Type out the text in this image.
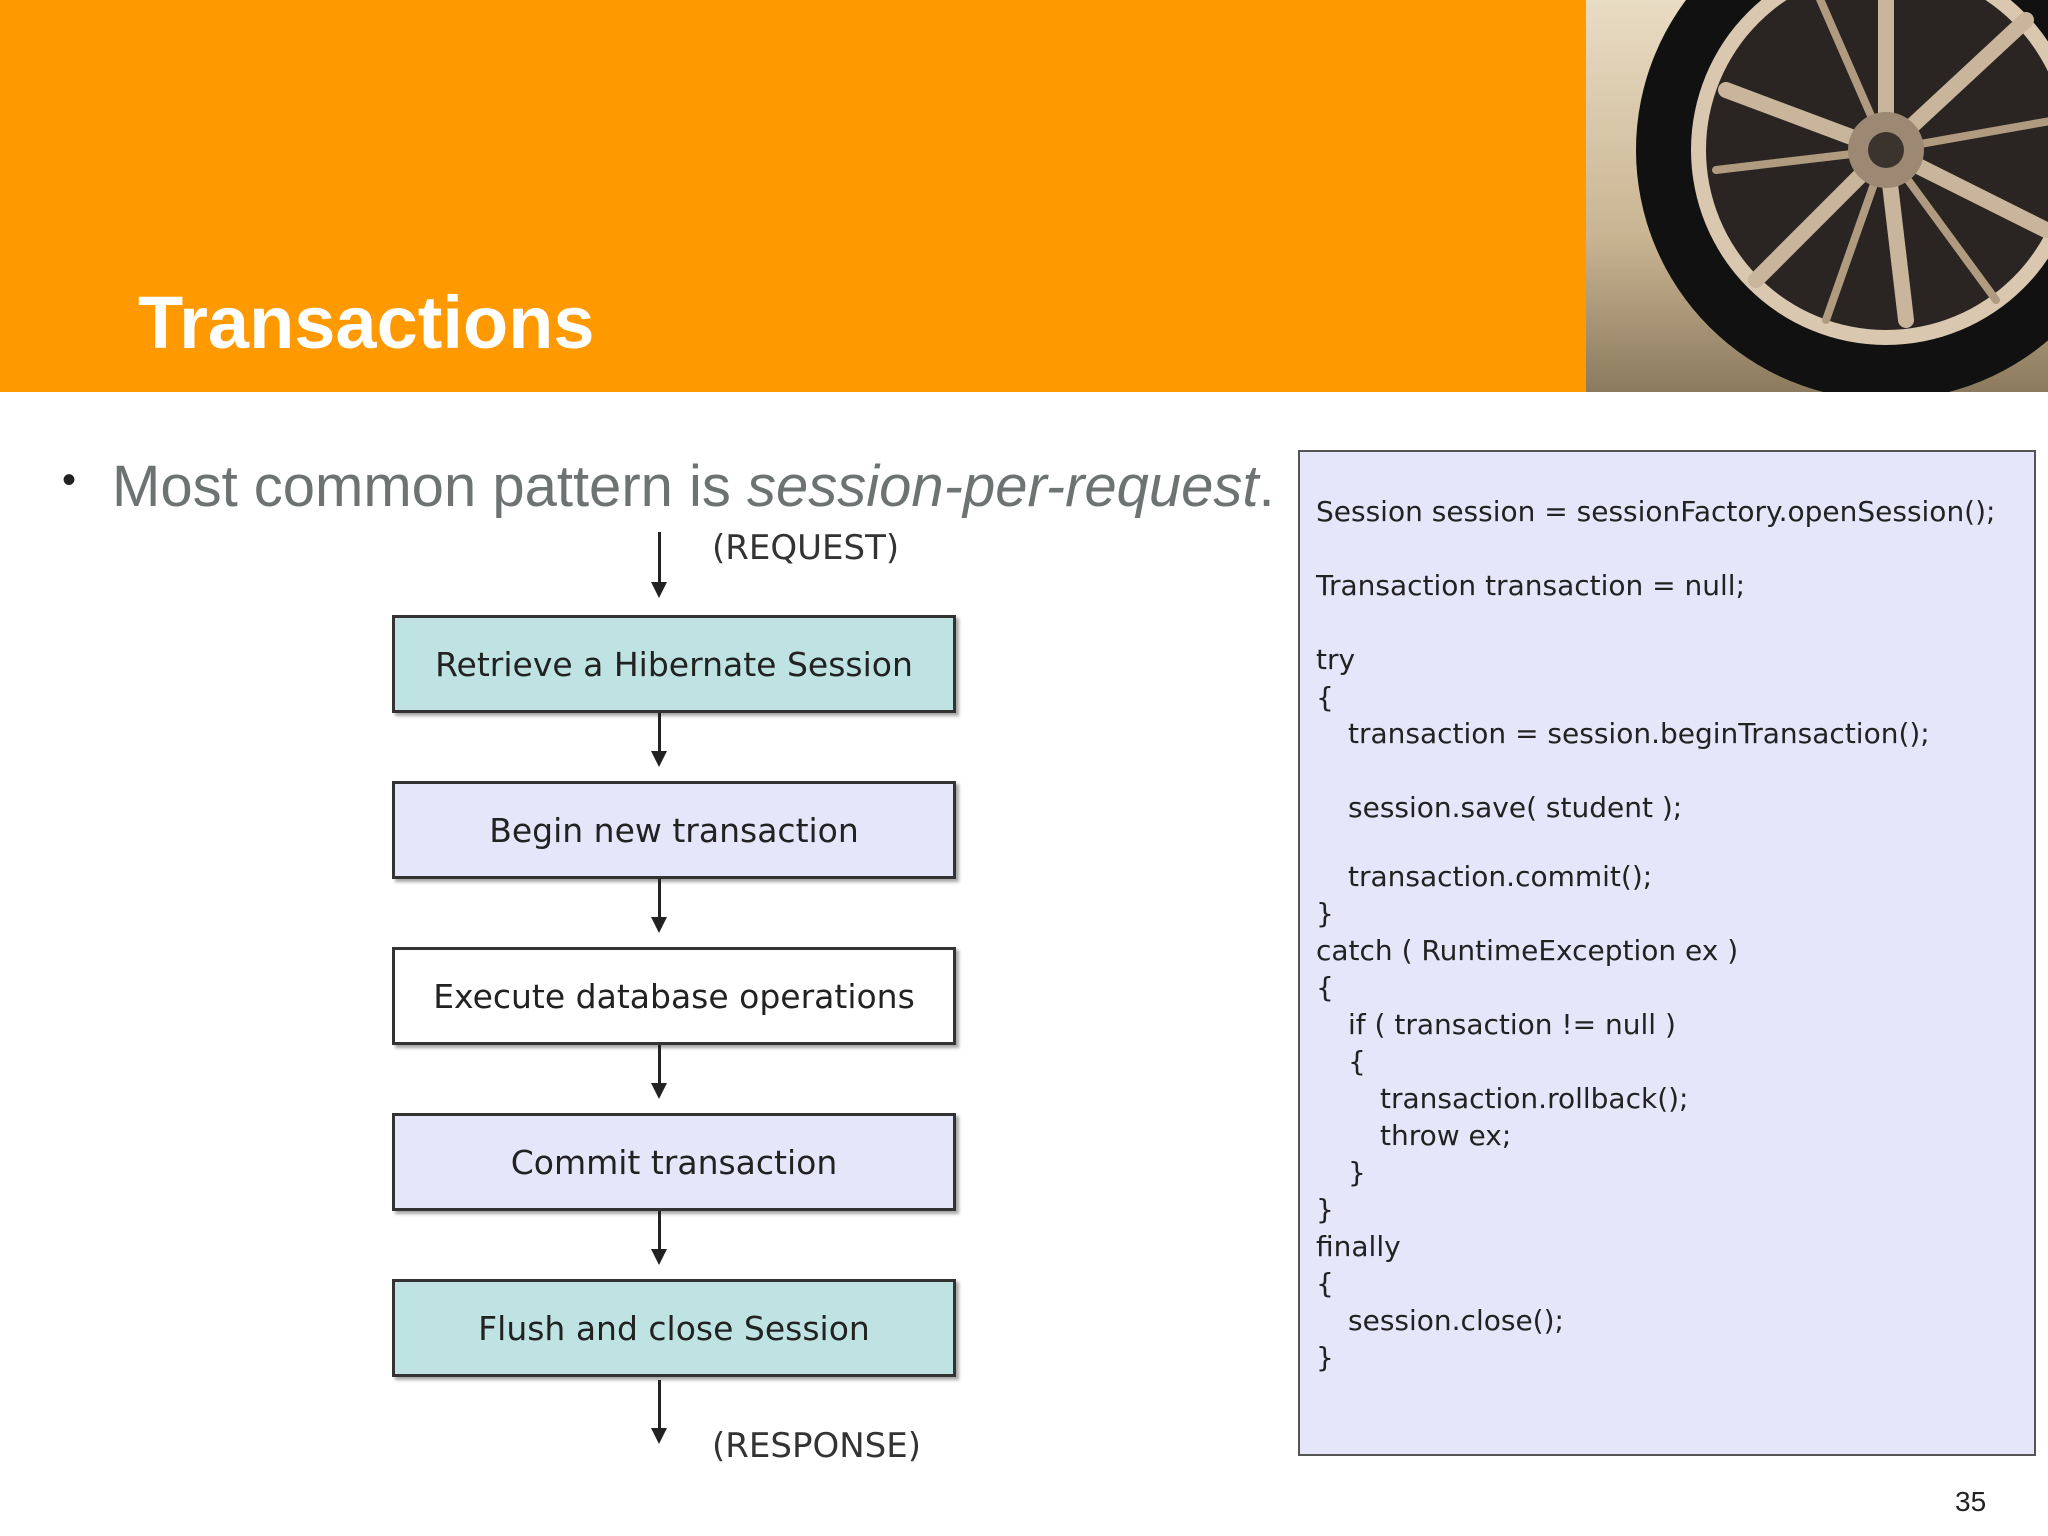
Transactions
• Most common pattern is session-per-request.
(REQUEST)
Retrieve a Hibernate Session
Begin new transaction
Execute database operations
Commit transaction
Flush and close Session
(RESPONSE)
Session session = sessionFactory.openSession();
Transaction transaction = null;
try
{
transaction = session.beginTransaction();
session.save( student );
transaction.commit();
}
catch ( RuntimeException ex )
{
if ( transaction != null )
{
transaction.rollback();
throw ex;
}
}
finally
{
session.close();
}
35
